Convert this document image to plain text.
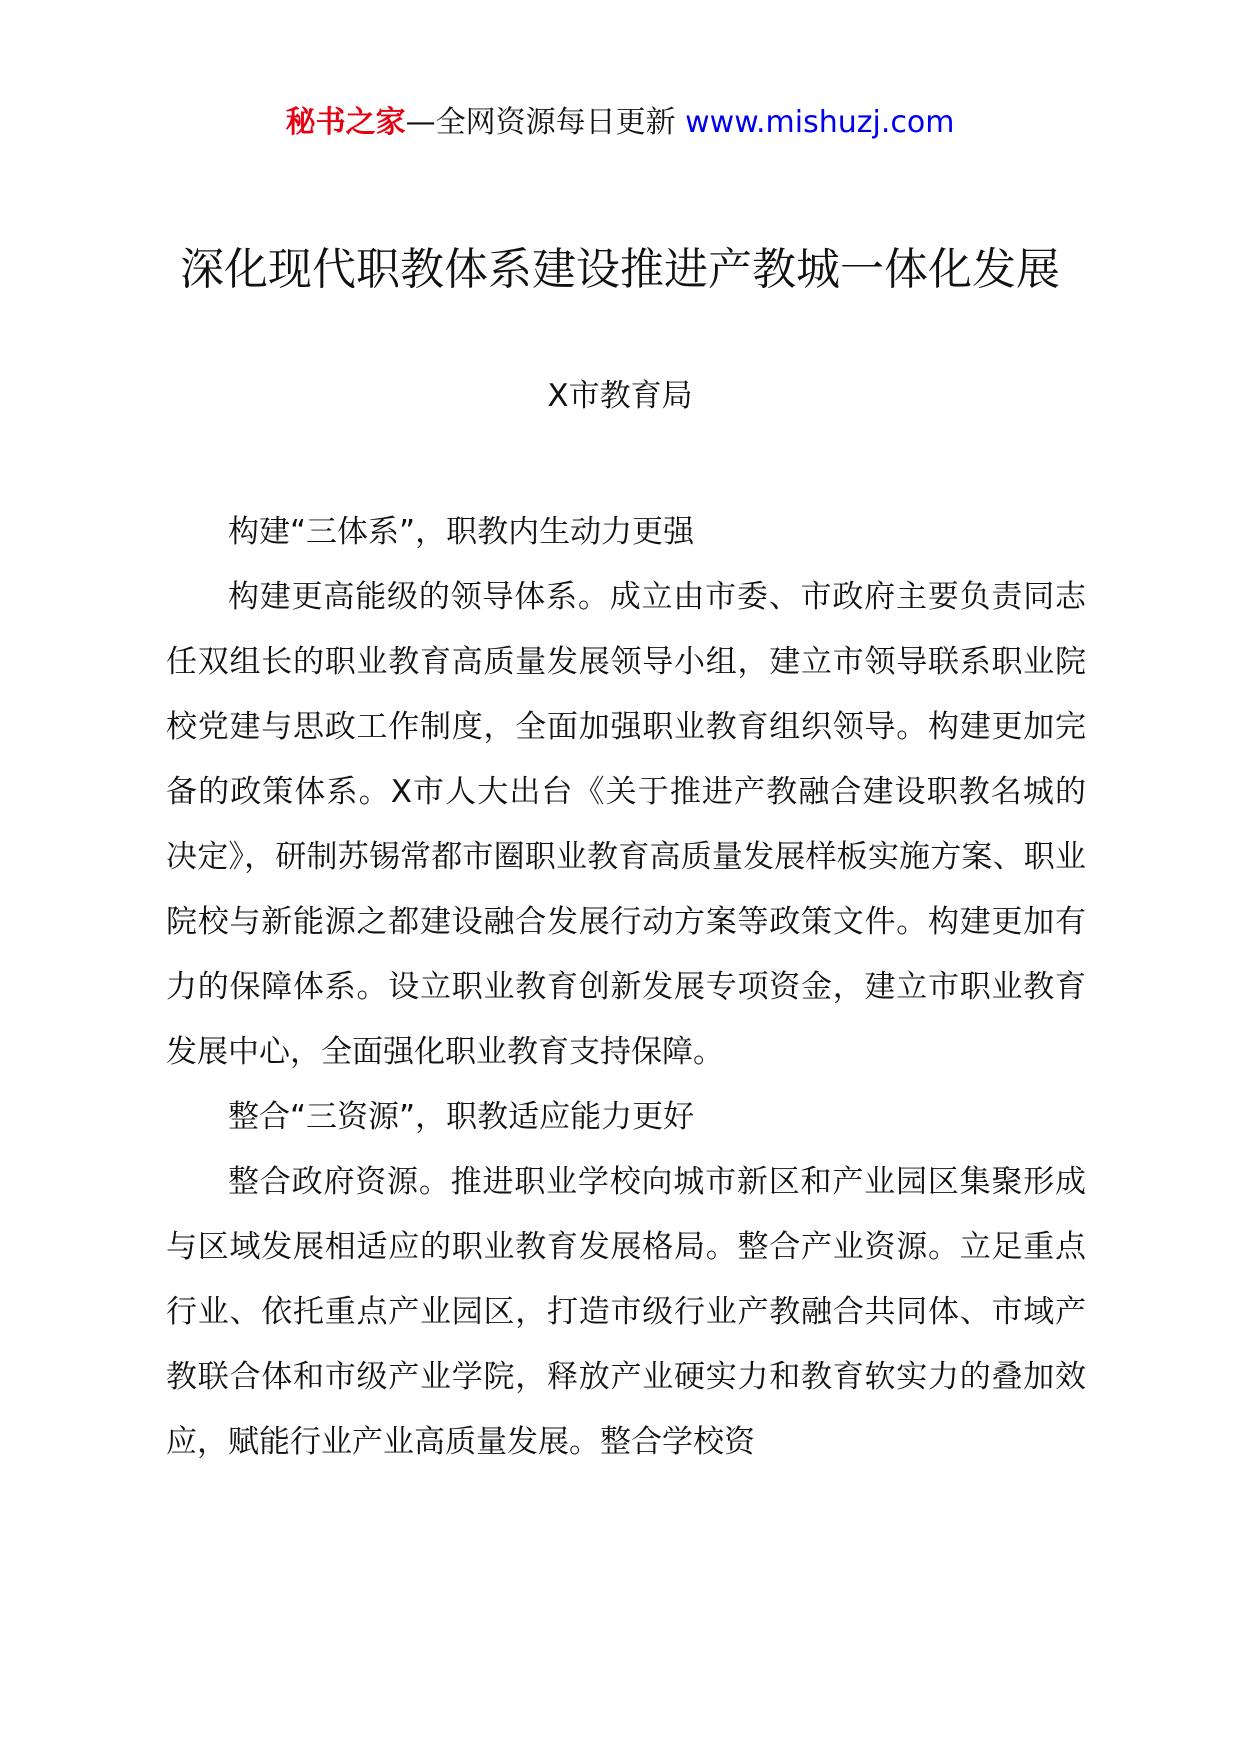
秘书之家—全网资源每日更新 www.mishuzj.com
深化现代职教体系建设推进产教城一体化发展
X市教育局

构建“三体系”，职教内生动力更强

构建更高能级的领导体系。成立由市委、市政府主要负责同志任双组长的职业教育高质量发展领导小组，建立市领导联系职业院校党建与思政工作制度，全面加强职业教育组织领导。构建更加完备的政策体系。X市人大出台《关于推进产教融合建设职教名城的决定》，研制苏锡常都市圈职业教育高质量发展样板实施方案、职业院校与新能源之都建设融合发展行动方案等政策文件。构建更加有力的保障体系。设立职业教育创新发展专项资金，建立市职业教育发展中心，全面强化职业教育支持保障。

整合“三资源”，职教适应能力更好

整合政府资源。推进职业学校向城市新区和产业园区集聚形成与区域发展相适应的职业教育发展格局。整合产业资源。立足重点行业、依托重点产业园区，打造市级行业产教融合共同体、市域产教联合体和市级产业学院，释放产业硬实力和教育软实力的叠加效应，赋能行业产业高质量发展。整合学校资
